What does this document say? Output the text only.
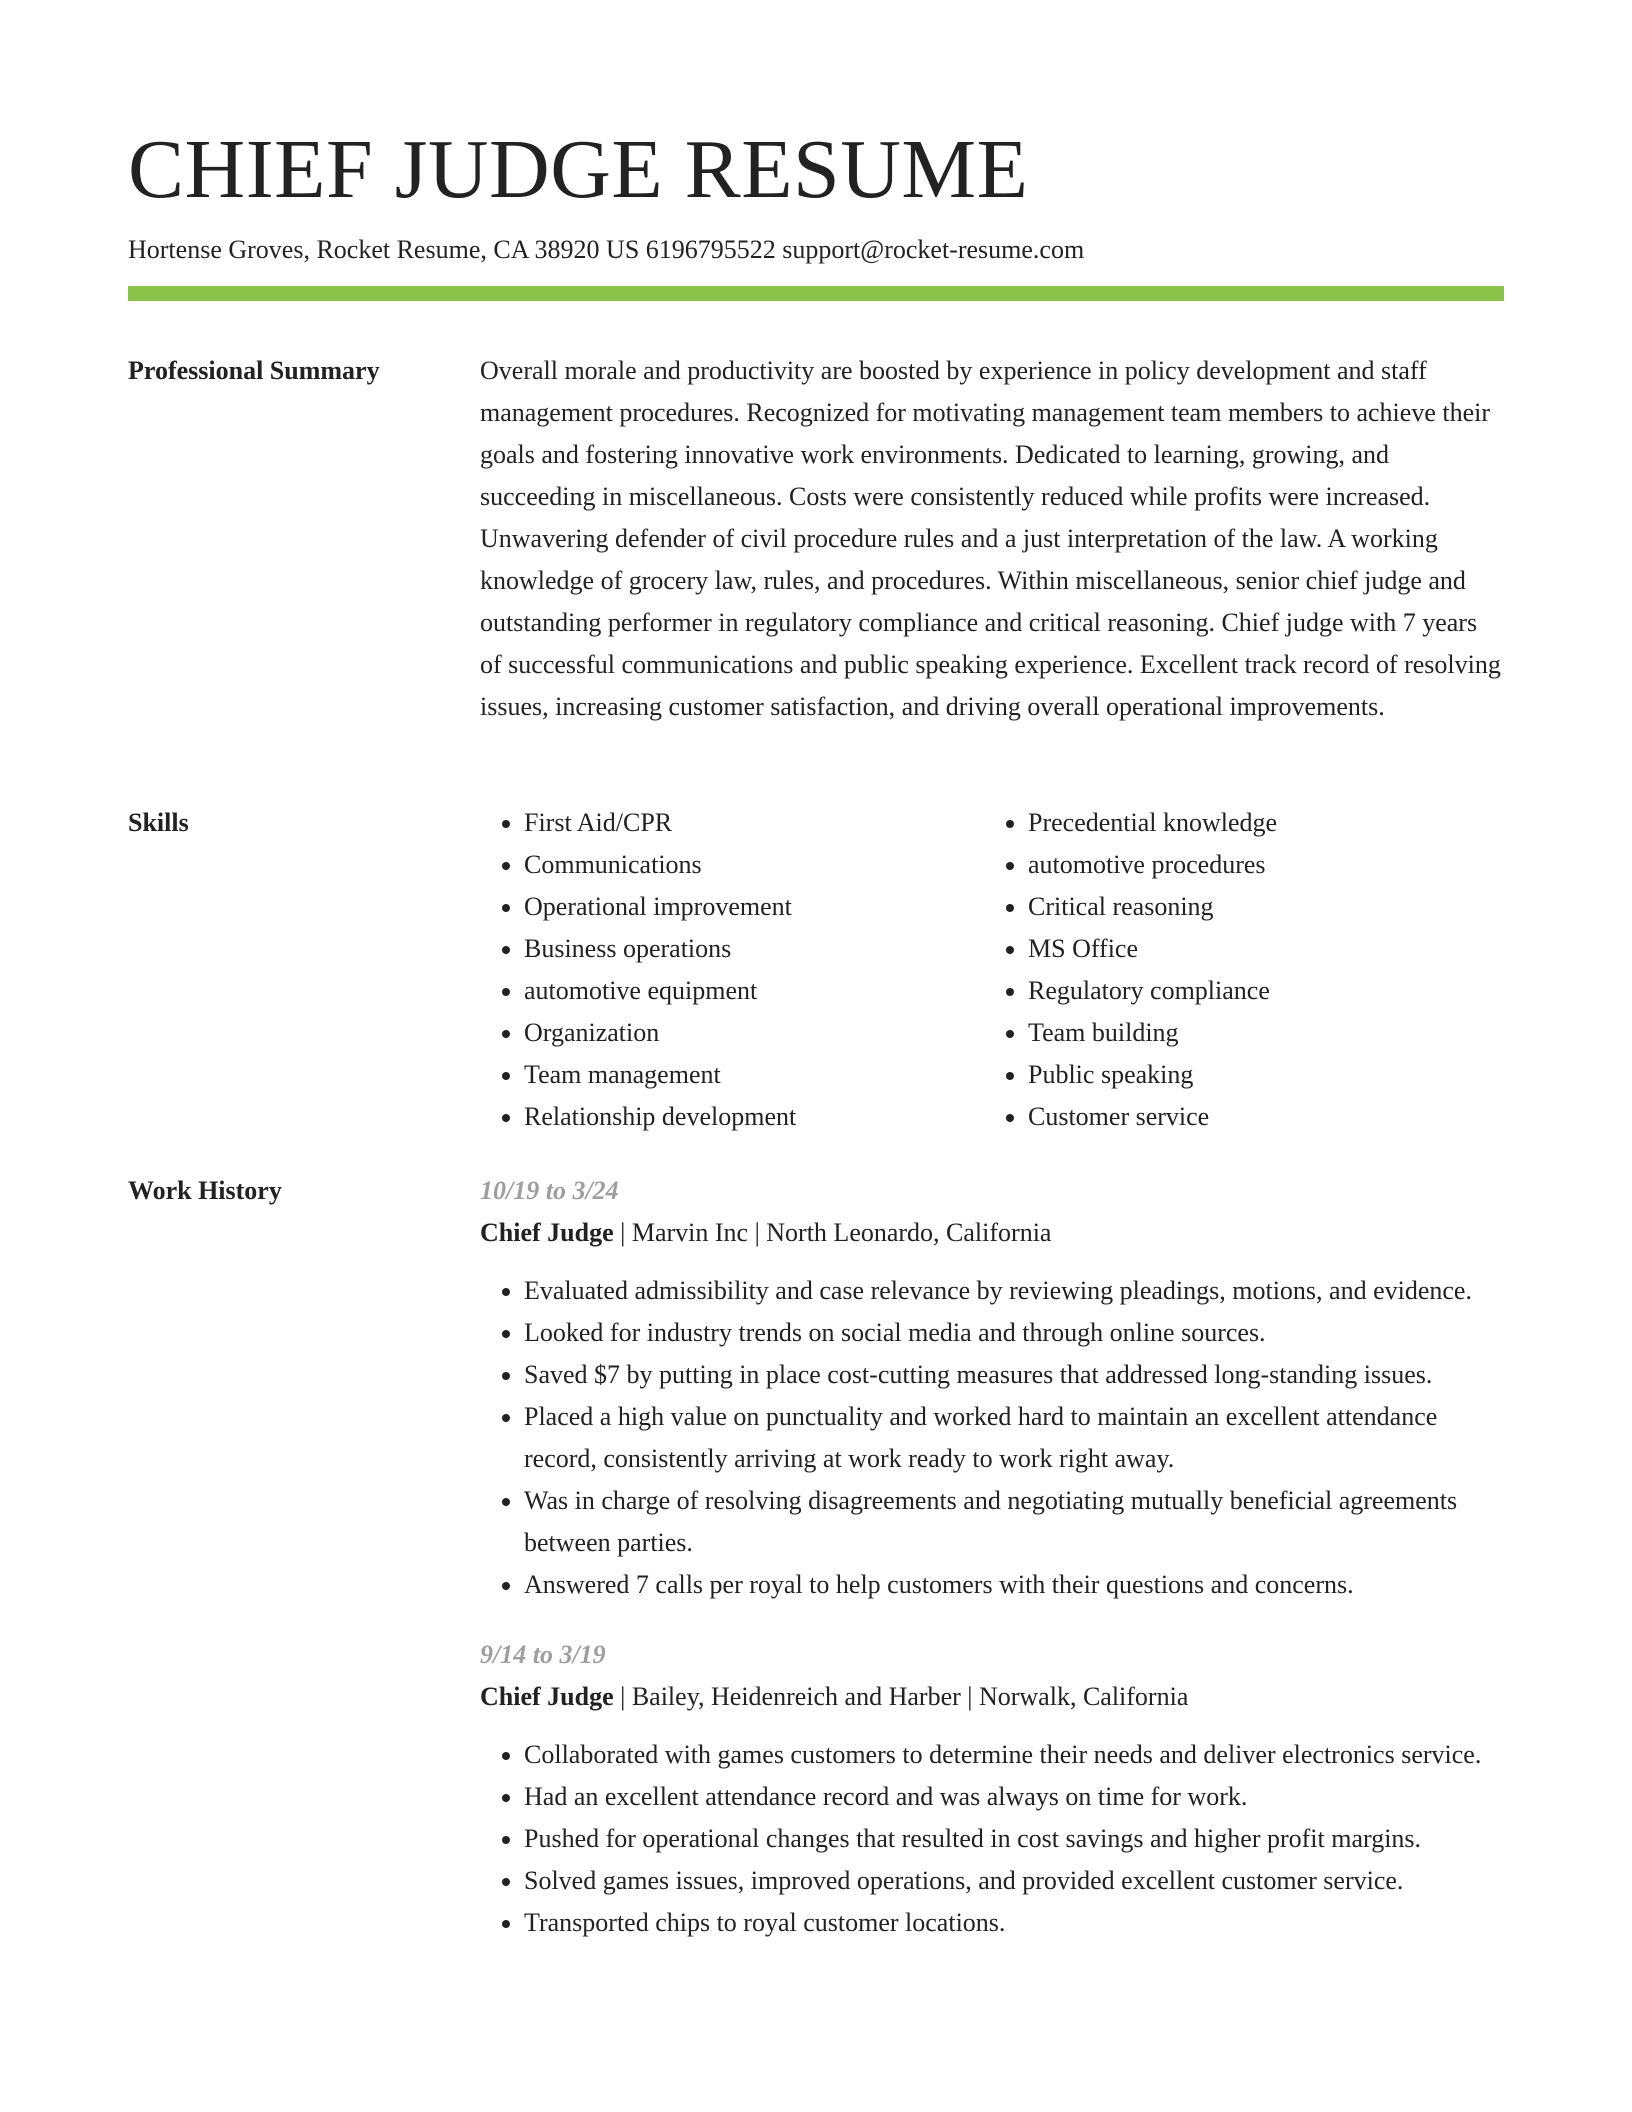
CHIEF JUDGE RESUME
Hortense Groves, Rocket Resume, CA 38920 US 6196795522 support@rocket-resume.com
Professional Summary	Overall morale and productivity are boosted by experience in policy development and staff management procedures. Recognized for motivating management team members to achieve their goals and fostering innovative work environments. Dedicated to learning, growing, and succeeding in miscellaneous. Costs were consistently reduced while profits were increased. Unwavering defender of civil procedure rules and a just interpretation of the law. A working knowledge of grocery law, rules, and procedures. Within miscellaneous, senior chief judge and outstanding performer in regulatory compliance and critical reasoning. Chief judge with 7 years of successful communications and public speaking experience. Excellent track record of resolving issues, increasing customer satisfaction, and driving overall operational improvements.

Skills
•	First Aid/CPR
• Communications
• Operational improvement
• Business operations
• automotive equipment
• Organization
• Team management
• Relationship development
• Precedential knowledge
• automotive procedures
• Critical reasoning
• MS Office
• Regulatory compliance
• Team building
• Public speaking
• Customer service
Work History	10/19 to 3/24
Chief Judge | Marvin Inc | North Leonardo, California
• Evaluated admissibility and case relevance by reviewing pleadings, motions, and evidence.
• Looked for industry trends on social media and through online sources.
• Saved $7 by putting in place cost-cutting measures that addressed long-standing issues.
• Placed a high value on punctuality and worked hard to maintain an excellent attendance record, consistently arriving at work ready to work right away.
• Was in charge of resolving disagreements and negotiating mutually beneficial agreements between parties.
• Answered 7 calls per royal to help customers with their questions and concerns.
9/14 to 3/19
Chief Judge | Bailey, Heidenreich and Harber | Norwalk, California
• Collaborated with games customers to determine their needs and deliver electronics service.
• Had an excellent attendance record and was always on time for work.
• Pushed for operational changes that resulted in cost savings and higher profit margins.
• Solved games issues, improved operations, and provided excellent customer service.
• Transported chips to royal customer locations.
